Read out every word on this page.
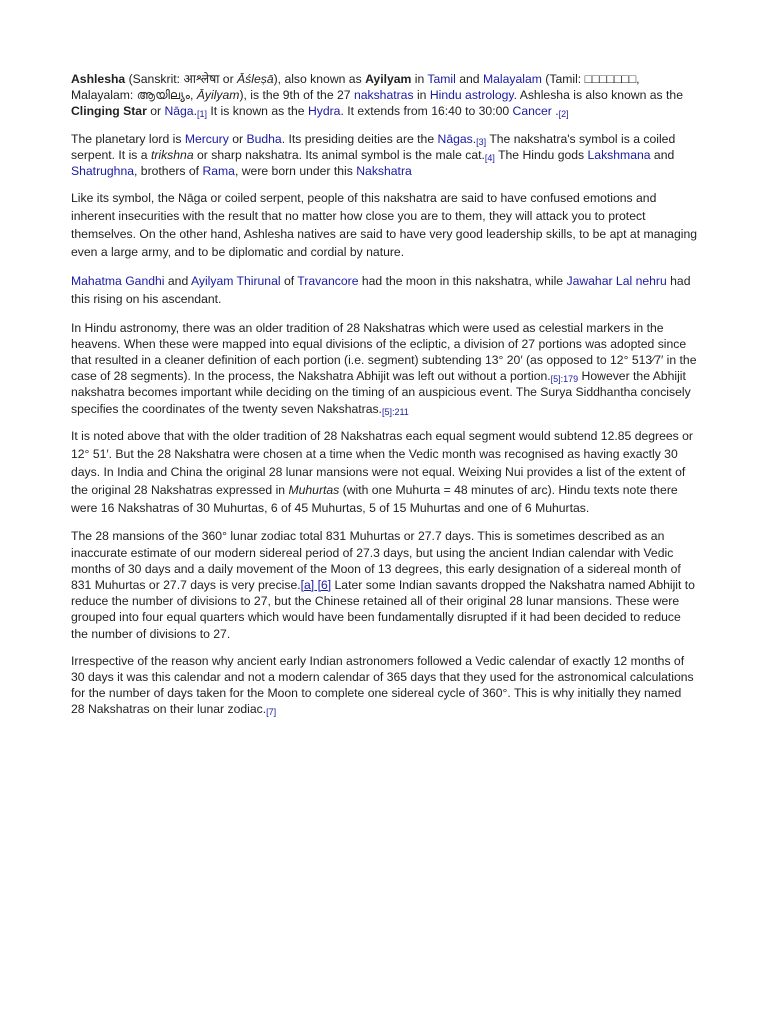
Ashlesha (Sanskrit: आश्लेषा or Āśleṣā), also known as Ayilyam in Tamil and Malayalam (Tamil: □□□□□□□, Malayalam: ആയില്യം, Āyilyam), is the 9th of the 27 nakshatras in Hindu astrology. Ashlesha is also known as the Clinging Star or Nāga.[1] It is known as the Hydra. It extends from 16:40 to 30:00 Cancer .[2]

The planetary lord is Mercury or Budha. Its presiding deities are the Nāgas.[3] The nakshatra's symbol is a coiled serpent. It is a trikshna or sharp nakshatra. Its animal symbol is the male cat.[4] The Hindu gods Lakshmana and Shatrughna, brothers of Rama, were born under this Nakshatra

Like its symbol, the Nāga or coiled serpent, people of this nakshatra are said to have confused emotions and inherent insecurities with the result that no matter how close you are to them, they will attack you to protect themselves. On the other hand, Ashlesha natives are said to have very good leadership skills, to be apt at managing even a large army, and to be diplomatic and cordial by nature.

Mahatma Gandhi and Ayilyam Thirunal of Travancore had the moon in this nakshatra, while Jawahar Lal nehru had this rising on his ascendant.

In Hindu astronomy, there was an older tradition of 28 Nakshatras which were used as celestial markers in the heavens. When these were mapped into equal divisions of the ecliptic, a division of 27 portions was adopted since that resulted in a cleaner definition of each portion (i.e. segment) subtending 13° 20′ (as opposed to 12° 513⁄7′ in the case of 28 segments). In the process, the Naksha​tra Abhijit was left out without a portion.$^{[5]:179}$ However the Abhijit nakshatra becomes important while deciding on the timing of an auspicious event. The Surya Siddhantha concisely specifies the coordinates of the twenty seven Nakshatras.$^{[5]:211}$

It is noted above that with the older tradition of 28 Nakshatras each equal segment would subtend 12.85 degrees or 12° 51′. But the 28 Nakshatra were chosen at a time when the Vedic month was recognised as having exactly 30 days. In India and China the original 28 lunar mansions were not equal. Weixing Nui provides a list of the extent of the original 28 Nakshatras expressed in Muhurtas (with one Muhurta = 48 minutes of arc). Hindu texts note there were 16 Nakshatras of 30 Muhurtas, 6 of 45 Muhurtas, 5 of 15 Muhurtas and one of 6 Muhurtas.

The 28 mansions of the 360° lunar zodiac total 831 Muhurtas or 27.7 days. This is sometimes described as an inaccurate estimate of our modern sidereal period of 27.3 days, but using the ancient Indian calendar with Vedic months of 30 days and a daily movement of the Moon of 13 degrees, this early designation of a sidereal month of 831 Muhurtas or 27.7 days is very precise.[a] [6] Later some Indian savants dropped the Nakshatra named Abhijit to reduce the number of divisions to 27, but the Chinese retained all of their original 28 lunar mansions. These were grouped into four equal quarters which would have been fundamentally disrupted if it had been decided to reduce the number of divisions to 27.

Irrespective of the reason why ancient early Indian astronomers followed a Vedic calendar of exactly 12 months of 30 days it was this calendar and not a modern calendar of 365 days that they used for the astronomical calculations for the number of days taken for the Moon to complete one sidereal cycle of 360°. This is why initially they named 28 Nakshatras on their lunar zodiac.[7]
